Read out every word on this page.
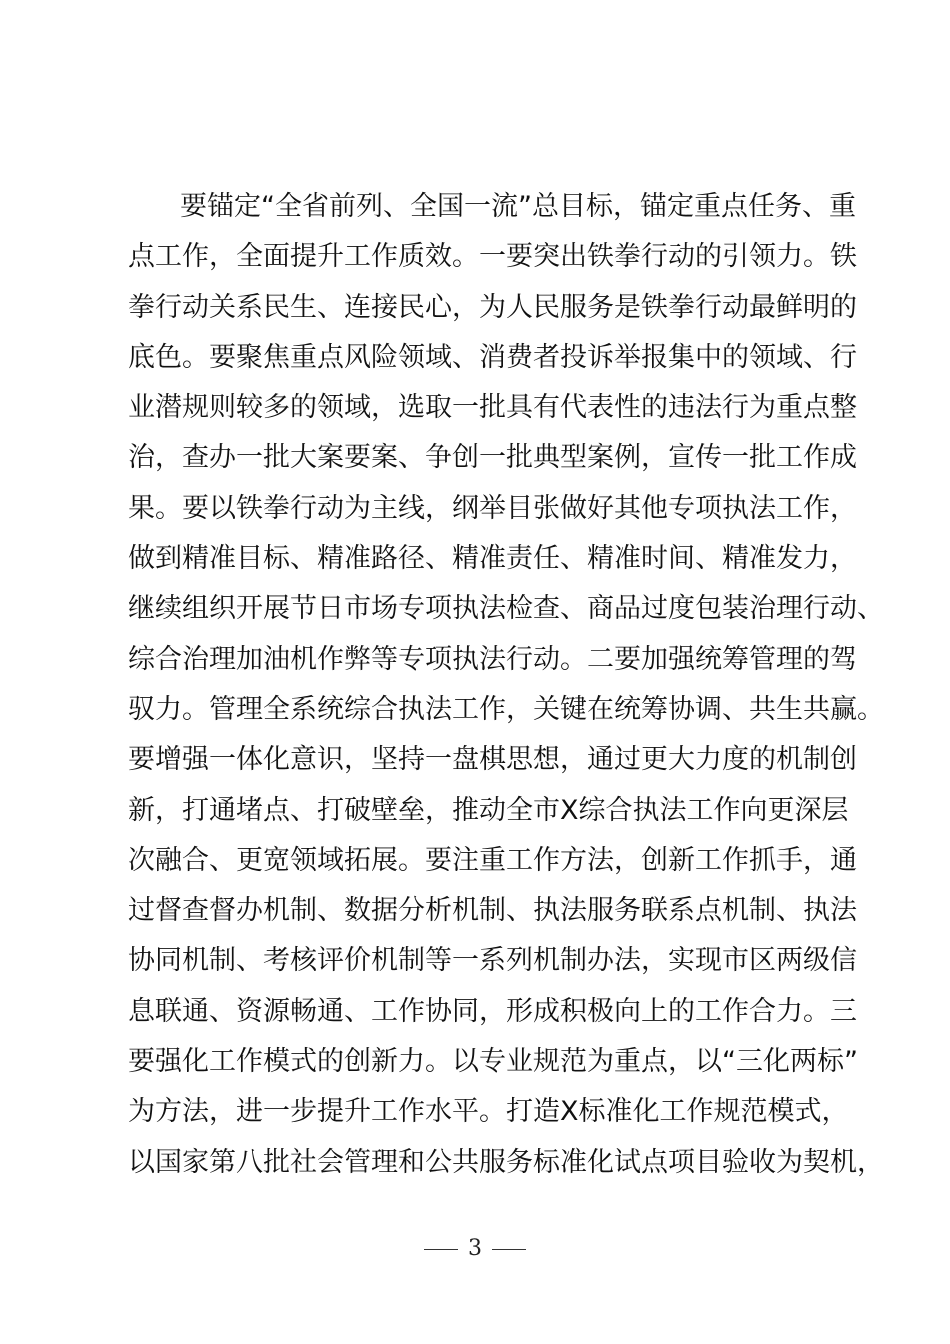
要锚定“全省前列、全国一流”总目标，锚定重点任务、重
点工作，全面提升工作质效。一要突出铁拳行动的引领力。铁
拳行动关系民生、连接民心，为人民服务是铁拳行动最鲜明的
底色。要聚焦重点风险领域、消费者投诉举报集中的领域、行
业潜规则较多的领域，选取一批具有代表性的违法行为重点整
治，查办一批大案要案、争创一批典型案例，宣传一批工作成
果。要以铁拳行动为主线，纲举目张做好其他专项执法工作，
做到精准目标、精准路径、精准责任、精准时间、精准发力，
继续组织开展节日市场专项执法检查、商品过度包装治理行动、
综合治理加油机作弊等专项执法行动。二要加强统筹管理的驾
驭力。管理全系统综合执法工作，关键在统筹协调、共生共赢。
要增强一体化意识，坚持一盘棋思想，通过更大力度的机制创
新，打通堵点、打破壁垒，推动全市X综合执法工作向更深层
次融合、更宽领域拓展。要注重工作方法，创新工作抓手，通
过督查督办机制、数据分析机制、执法服务联系点机制、执法
协同机制、考核评价机制等一系列机制办法，实现市区两级信
息联通、资源畅通、工作协同，形成积极向上的工作合力。三
要强化工作模式的创新力。以专业规范为重点，以“三化两标”
为方法，进一步提升工作水平。打造X标准化工作规范模式，
以国家第八批社会管理和公共服务标准化试点项目验收为契机，
3
